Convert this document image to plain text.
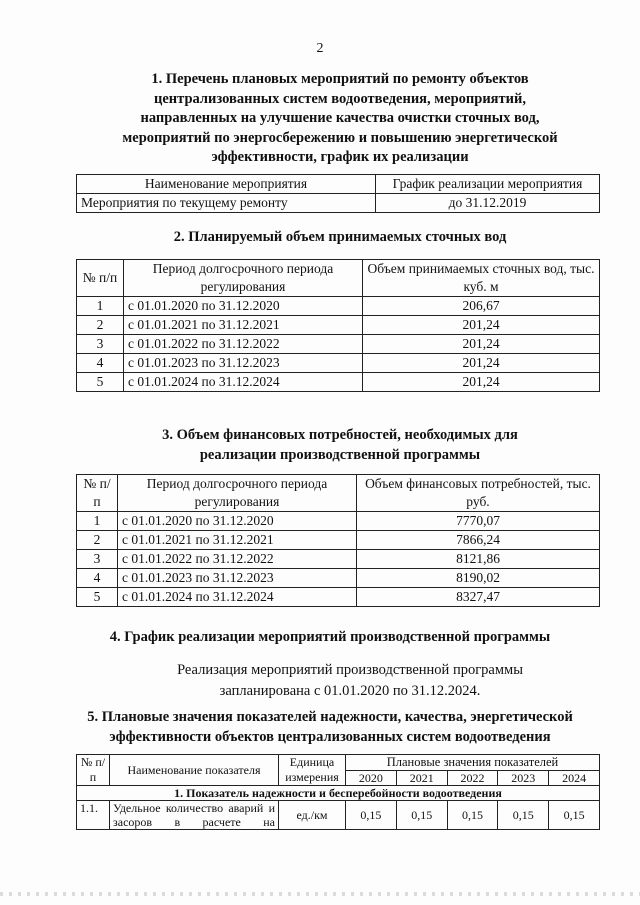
2
1. Перечень плановых мероприятий по ремонту объектов
централизованных систем водоотведения, мероприятий,
направленных на улучшение качества очистки сточных вод,
мероприятий по энергосбережению и повышению энергетической
эффективности, график их реализации
Наименование мероприятия	График реализации мероприятия
Мероприятия по текущему ремонту	до 31.12.2019
2. Планируемый объем принимаемых сточных вод
№ п/п	Период долгосрочного периода регулирования	Объем принимаемых сточных вод, тыс. куб. м
1	с 01.01.2020 по 31.12.2020	206,67
2	с 01.01.2021 по 31.12.2021	201,24
3	с 01.01.2022 по 31.12.2022	201,24
4	с 01.01.2023 по 31.12.2023	201,24
5	с 01.01.2024 по 31.12.2024	201,24
3. Объем финансовых потребностей, необходимых для
реализации производственной программы
№ п/п	Период долгосрочного периода регулирования	Объем финансовых потребностей, тыс. руб.
1	с 01.01.2020 по 31.12.2020	7770,07
2	с 01.01.2021 по 31.12.2021	7866,24
3	с 01.01.2022 по 31.12.2022	8121,86
4	с 01.01.2023 по 31.12.2023	8190,02
5	с 01.01.2024 по 31.12.2024	8327,47
4. График реализации мероприятий производственной программы
Реализация мероприятий производственной программы
запланирована с 01.01.2020 по 31.12.2024.
5. Плановые значения показателей надежности, качества, энергетической
эффективности объектов централизованных систем водоотведения
№ п/п	Наименование показателя	Единица измерения	Плановые значения показателей				
			2020	2021	2022	2023	2024
1. Показатель надежности и бесперебойности водоотведения							
1.1.	Удельное количество аварий и засоров в расчете на	ед./км	0,15	0,15	0,15	0,15	0,15
